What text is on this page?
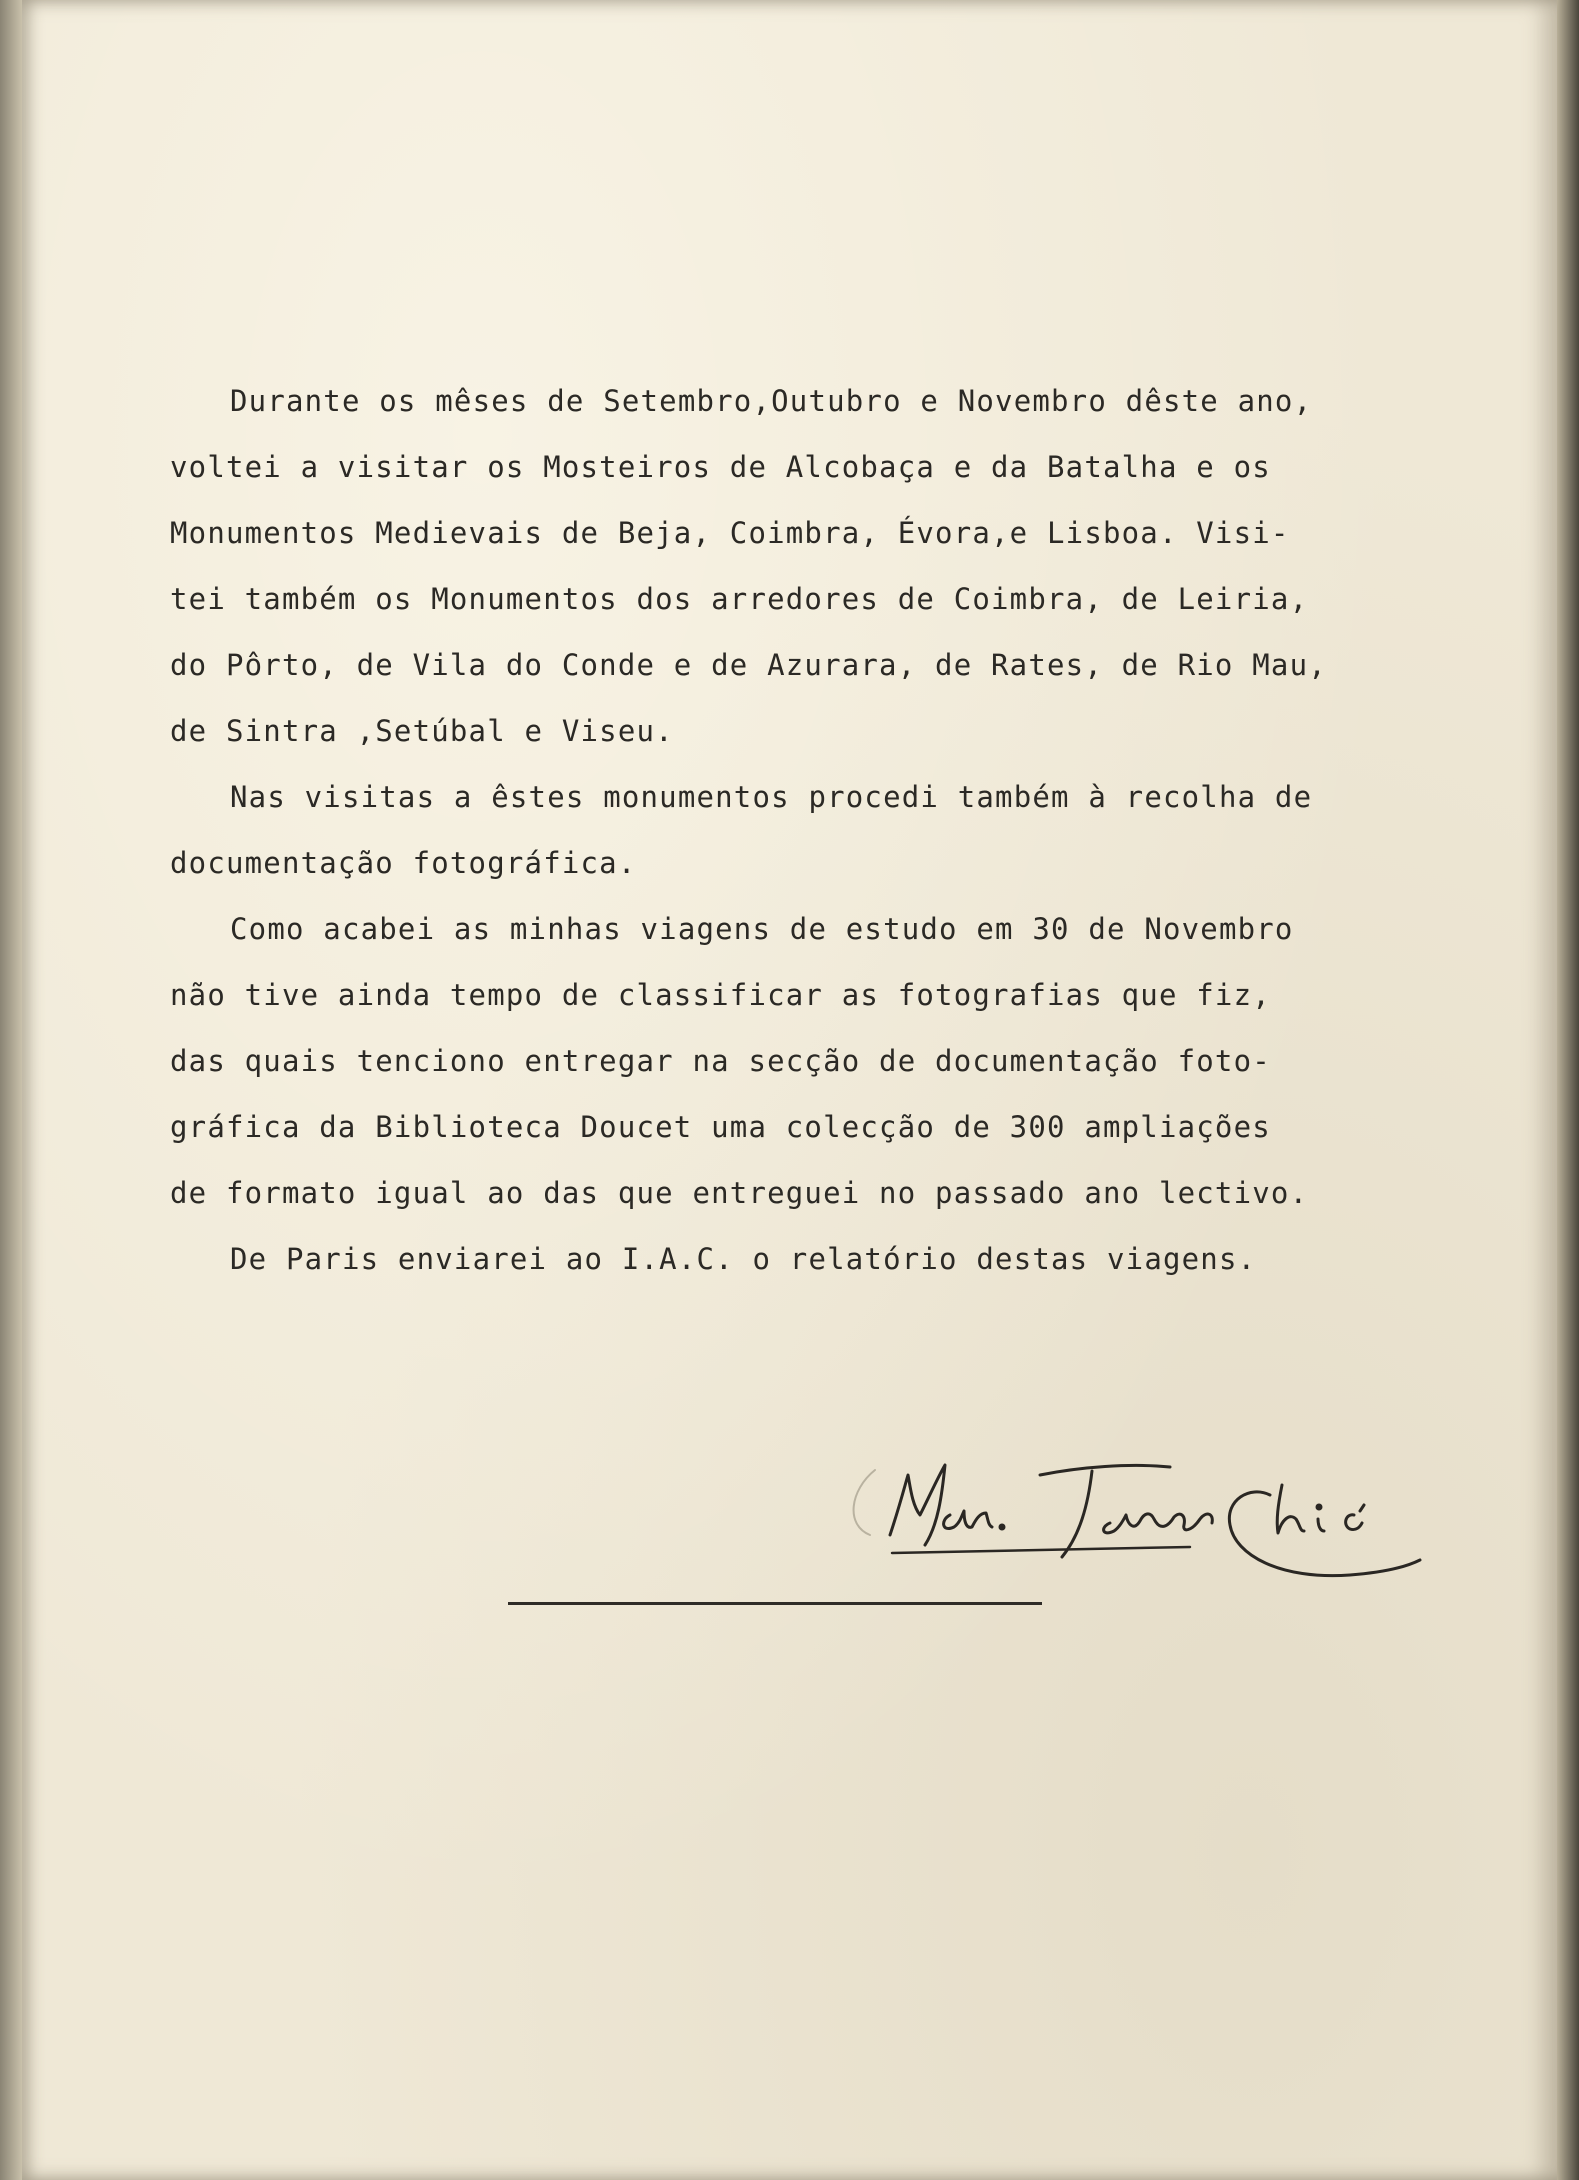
Durante os mêses de Setembro,Outubro e Novembro dêste ano,
voltei a visitar os Mosteiros de Alcobaça e da Batalha e os
Monumentos Medievais de Beja, Coimbra, Évora,e Lisboa. Visi-
tei também os Monumentos dos arredores de Coimbra, de Leiria,
do Pôrto, de Vila do Conde e de Azurara, de Rates, de Rio Mau,
de Sintra ,Setúbal e Viseu.
Nas visitas a êstes monumentos procedi também à recolha de
documentação fotográfica.
Como acabei as minhas viagens de estudo em 30 de Novembro
não tive ainda tempo de classificar as fotografias que fiz,
das quais tenciono entregar na secção de documentação foto-
gráfica da Biblioteca Doucet uma colecção de 300 ampliações
de formato igual ao das que entreguei no passado ano lectivo.
De Paris enviarei ao I.A.C. o relatório destas viagens.
